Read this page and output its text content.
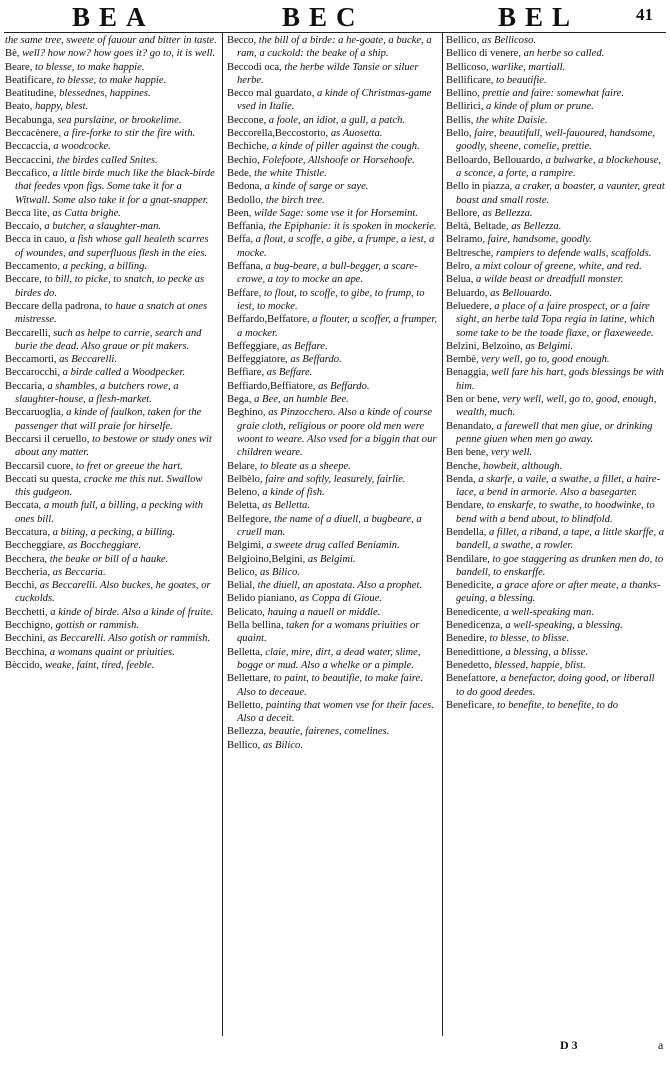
BEA	BEC	BEL	41

the same tree, sweete of fauour and bitter in taste.

Bè, well? how now? how goes it? go to, it is well.

Beare, to blesse, to make happie.

Beatificare, to blesse, to make happie.

Beatitudine, blessednes, happines.

Beato, happy, blest.

Becabunga, sea purslaine, or brookelime.

Beccacènere, a fire-forke to stir the fire with.

Beccaccia, a woodcocke.

Beccaccini, the birdes called Snites.

Beccafico, a little birde much like the black-birde that feedes vpon figs. Some take it for a Witwall. Some also take it for a gnat-snapper.

Becca lite, as Catta brighe.

Beccaio, a butcher, a slaughter-man.

Becca in cauo, a fish whose gall healeth scarres of woundes, and superfluous flesh in the eies.

Beccamento, a pecking, a billing.

Beccare, to bill, to picke, to snatch, to pecke as birdes do.

Beccare della padrona, to haue a snatch at ones mistresse.

Beccarelli, such as helpe to carrie, search and burie the dead. Also graue or pit makers.

Beccamorti, as Beccarelli.

Beccarocchi, a birde called a Woodpecker.

Beccaria, a shambles, a butchers rowe, a slaughter-house, a flesh-market.

Beccaruoglia, a kinde of faulkon, taken for the passenger that will praie for hirselfe.

Beccarsi il ceruello, to bestowe or study ones wit about any matter.

Beccarsil cuore, to fret or greeue the hart.

Beccati su questa, cracke me this nut. Swallow this gudgeon.

Beccata, a mouth full, a billing, a pecking with ones bill.

Beccatura, a biting, a pecking, a billing.

Beccheggiare, as Boccheggiare.

Becchera, the beake or bill of a hauke.

Beccheria, as Beccaria.

Becchi, as Beccarelli. Also buckes, he goates, or cuckolds.

Becchetti, a kinde of birde. Also a kinde of fruite.

Becchigno, gottish or rammish.

Becchini, as Beccarelli. Also gotish or rammish.

Becchina, a womans quaint or priuities.

Bèccido, weake, faint, tired, feeble.

Becco, the bill of a birde: a he-goate, a bucke, a ram, a cuckold: the beake of a ship.

Beccodi oca, the herbe wilde Tansie or siluer herbe.

Becco mal guardato, a kinde of Christmas-game vsed in Italie.

Beccone, a foole, an idiot, a gull, a patch.

Beccorella,Beccostorto, as Auosetta.

Bechiche, a kinde of piller against the cough.

Bechio, Folefoote, Allshoofe or Horsehoofe.

Bede, the white Thistle.

Bedona, a kinde of sarge or saye.

Bedollo, the birch tree.

Been, wilde Sage: some vse it for Horsemint.

Beffania, the Epiphanie: it is spoken in mockerie.

Beffa, a flout, a scoffe, a gibe, a frumpe, a iest, a mocke.

Beffana, a bug-beare, a bull-begger, a scare-crowe, a toy to mocke an ape.

Beffare, to flout, to scoffe, to gibe, to frump, to iest, to mocke.

Beffardo,Beffatore, a flouter, a scoffer, a frumper, a mocker.

Beffeggiare, as Beffare.

Beffeggiatore, as Beffardo.

Beffiare, as Beffare.

Beffiardo,Beffiatore, as Beffardo.

Bega, a Bee, an humble Bee.

Beghino, as Pinzocchero. Also a kinde of course graie cloth, religious or poore old men were woont to weare. Also vsed for a biggin that our children weare.

Belare, to bleate as a sheepe.

Belbèlo, faire and softly, leasurely, fairlie.

Beleno, a kinde of fish.

Beletta, as Belletta.

Belfegore, the name of a diuell, a bugbeare, a cruell man.

Belgimi, a sweete drug called Beniamin.

Belgioino,Belgini, as Belgimi.

Belico, as Bilico.

Belial, the diuell, an apostata. Also a prophet.

Belido pianiano, as Coppa di Gioue.

Belicato, hauing a nauell or middle.

Bella bellina, taken for a womans priuities or quaint.

Belletta, claie, mire, dirt, a dead water, slime, bogge or mud. Also a whelke or a pimple.

Bellettare, to paint, to beautifie, to make faire. Also to deceaue.

Belletto, painting that women vse for their faces. Also a deceit.

Bellezza, beautie, fairenes, comelines.

Bellico, as Bilico.

Bellico, as Bellicoso.

Bellico di venere, an herbe so called.

Bellicoso, warlike, martiall.

Bellificare, to beautifie.

Bellino, prettie and faire: somewhat faire.

Bellirici, a kinde of plum or prune.

Bellis, the white Daisie.

Bello, faire, beautifull, well-fauoured, handsome, goodly, sheene, comelie, prettie.

Belloardo, Bellouardo, a bulwarke, a blockehouse, a sconce, a forte, a rampire.

Bello in piazza, a craker, a boaster, a vaunter, great boast and small roste.

Bellore, as Bellezza.

Beltà, Beltade, as Bellezza.

Belramo, faire, handsome, goodly.

Beltresche, rampiers to defende walls, scaffolds.

Belro, a mixt colour of greene, white, and red.

Belua, a wilde beast or dreadfull monster.

Beluardo, as Bellouardo.

Beluedere, a place of a faire prospect, or a faire sight, an herbe tald Topa regia in latine, which some take to be the toade flaxe, or flaxeweede.

Belzini, Belzoino, as Belgimi.

Bembè, very well, go to, good enough.

Benaggia, well fare his hart, gods blessings be with him.

Ben or bene, very well, well, go to, good, enough, wealth, much.

Benandato, a farewell that men giue, or drinking penne giuen when men go away.

Ben bene, very well.

Benche, howbeit, although.

Benda, a skarfe, a vaile, a swathe, a fillet, a haire-lace, a bend in armorie. Also a basegarter.

Bendare, to enskarfe, to swathe, to hoodwinke, to bend with a bend about, to blindfold.

Bendella, a fillet, a riband, a tape, a little skarffe, a bandell, a swathe, a rowler.

Bendilare, to goe staggering as drunken men do, to bandell, to enskarffe.

Benedicite, a grace afore or after meate, a thanks-geuing, a blessing.

Benedicente, a well-speaking man.

Benedicenza, a well-speaking, a blessing.

Benedire, to blesse, to blisse.

Benedittione, a blessing, a blisse.

Benedetto, blessed, happie, blist.

Benefattore, a benefactor, doing good, or liberall to do good deedes.

Beneficare, to benefite, to benefite, to do

D 3	a
